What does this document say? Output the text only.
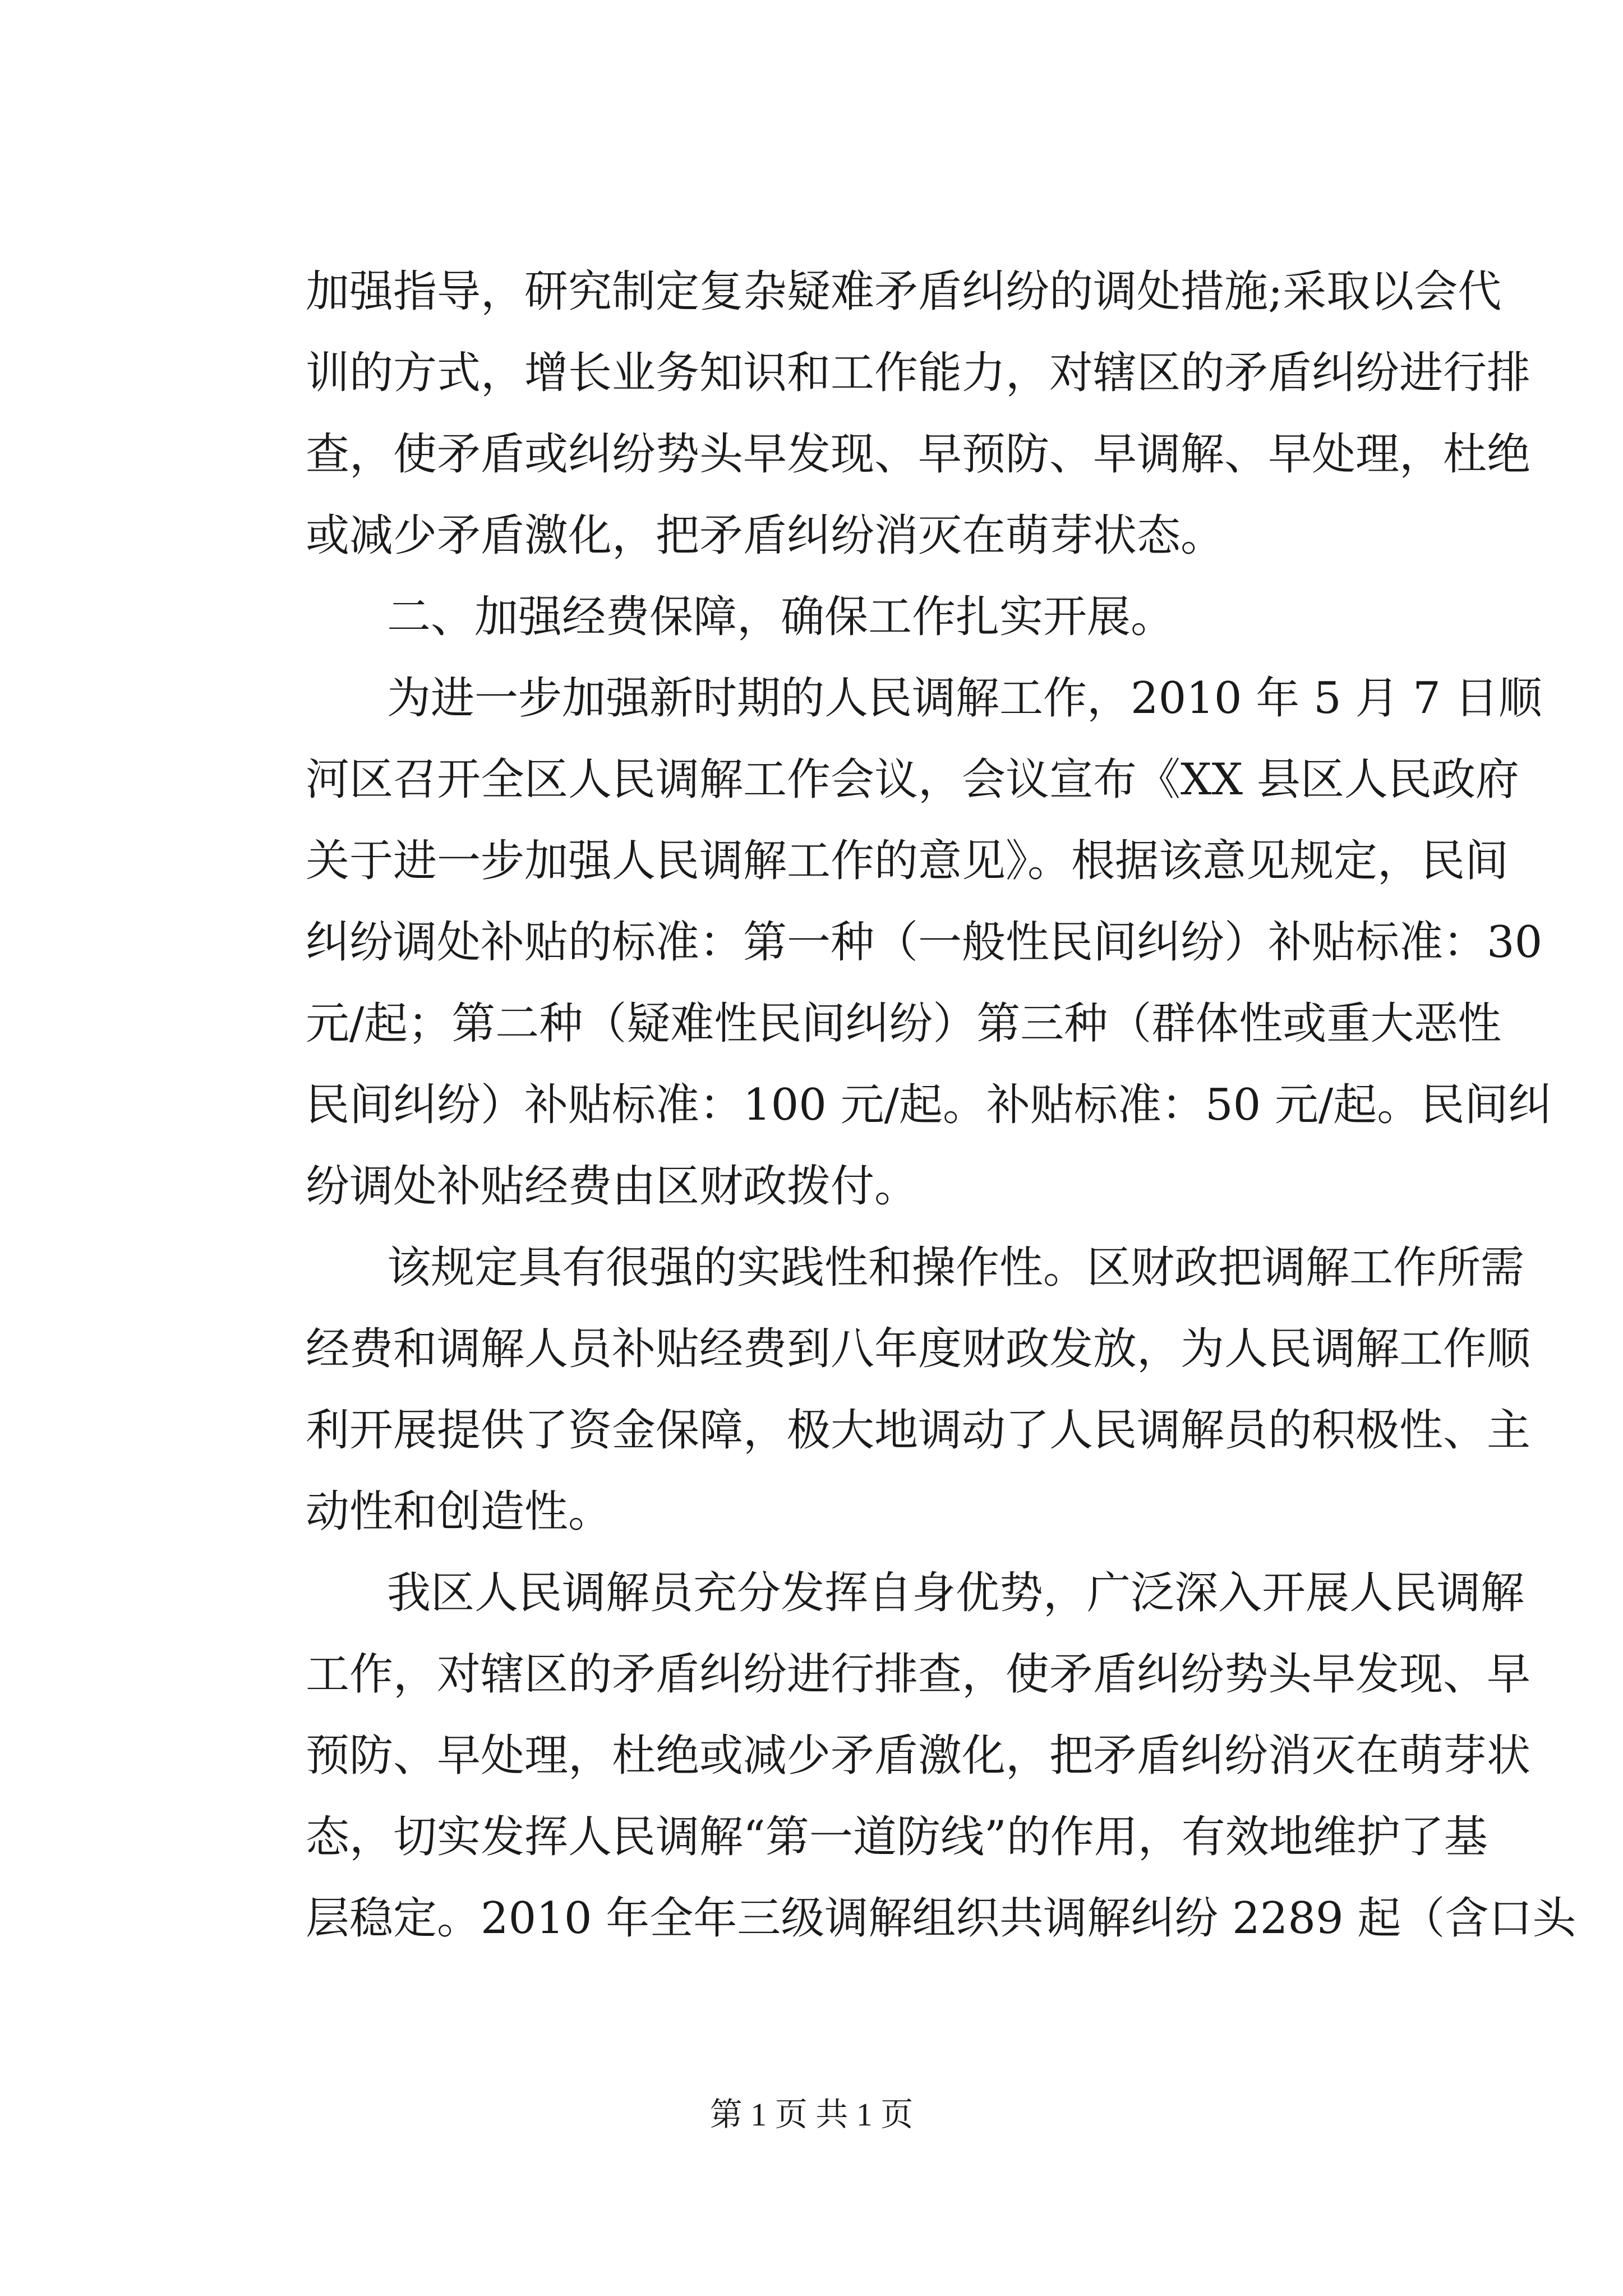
加强指导，研究制定复杂疑难矛盾纠纷的调处措施;采取以会代
训的方式，增长业务知识和工作能力，对辖区的矛盾纠纷进行排
查，使矛盾或纠纷势头早发现、早预防、早调解、早处理，杜绝
或减少矛盾激化，把矛盾纠纷消灭在萌芽状态。
二、加强经费保障，确保工作扎实开展。
为进一步加强新时期的人民调解工作，2010 年 5 月 7 日顺
河区召开全区人民调解工作会议，会议宣布《XX 县区人民政府
关于进一步加强人民调解工作的意见》。根据该意见规定，民间
纠纷调处补贴的标准：第一种（一般性民间纠纷）补贴标准：30
元/起；第二种（疑难性民间纠纷）第三种（群体性或重大恶性
民间纠纷）补贴标准：100 元/起。补贴标准：50 元/起。民间纠
纷调处补贴经费由区财政拨付。
该规定具有很强的实践性和操作性。区财政把调解工作所需
经费和调解人员补贴经费到八年度财政发放，为人民调解工作顺
利开展提供了资金保障，极大地调动了人民调解员的积极性、主
动性和创造性。
我区人民调解员充分发挥自身优势，广泛深入开展人民调解
工作，对辖区的矛盾纠纷进行排查，使矛盾纠纷势头早发现、早
预防、早处理，杜绝或减少矛盾激化，把矛盾纠纷消灭在萌芽状
态，切实发挥人民调解“第一道防线”的作用，有效地维护了基
层稳定。2010 年全年三级调解组织共调解纠纷 2289 起（含口头
第 1 页 共 1 页
